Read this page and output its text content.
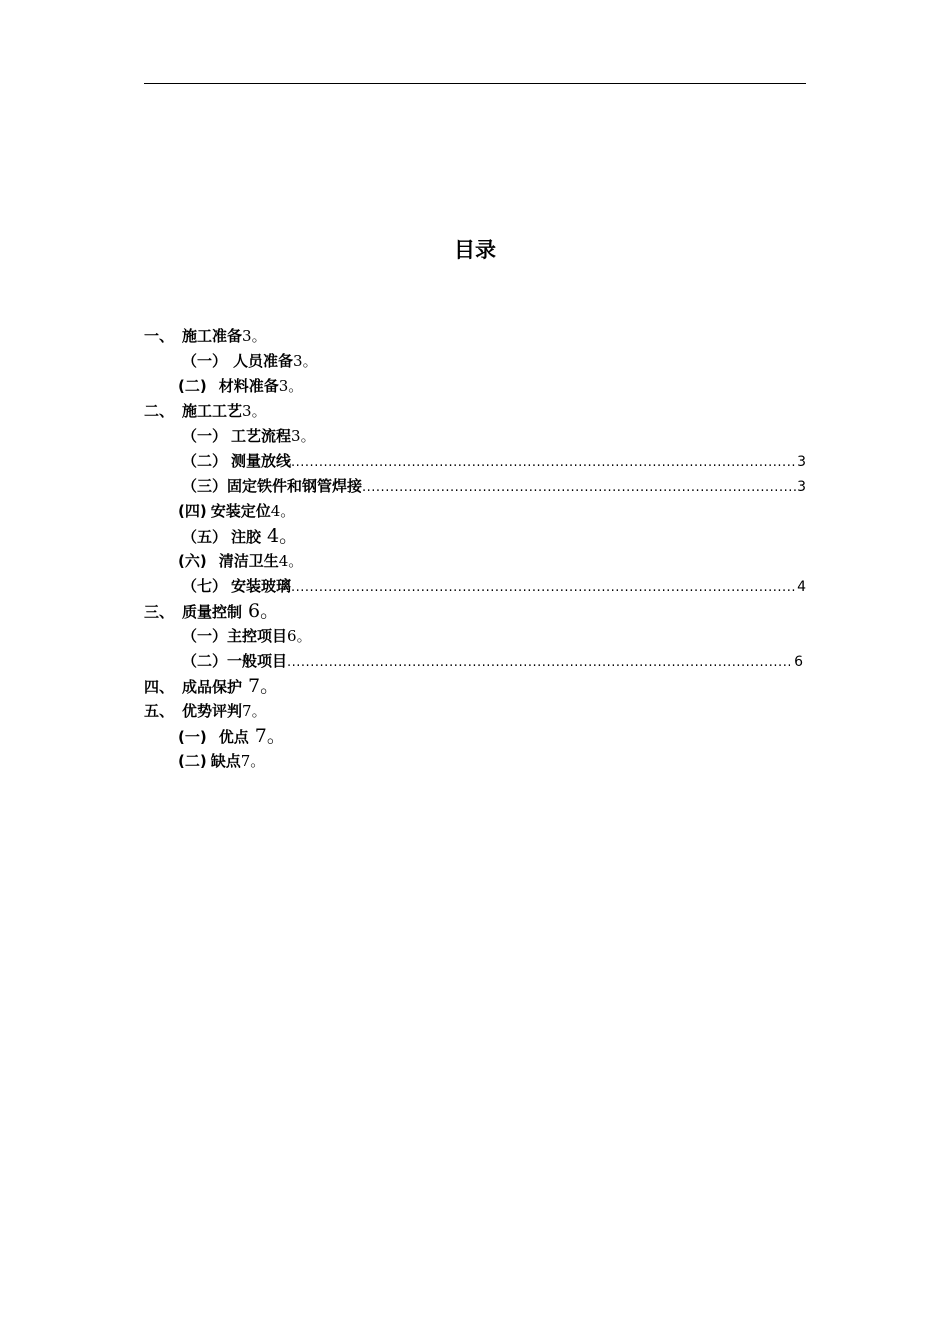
目录
一、 施工准备3。
（一） 人员准备3。
(二) 材料准备3。
二、 施工工艺3。
（一） 工艺流程3。
（二） 测量放线 .....	3
（三） 固定铁件和钢管焊接 .....	3
(四) 安装定位4。
（五） 注胶 4。
(六) 清洁卫生4。
（七） 安装玻璃 .....	4
三、 质量控制 6。
（一）主控项目6。
（二） 一般项目 .....	6
四、 成品保护 7。
五、 优势评判7。
(一) 优点 7。
(二) 缺点7。
